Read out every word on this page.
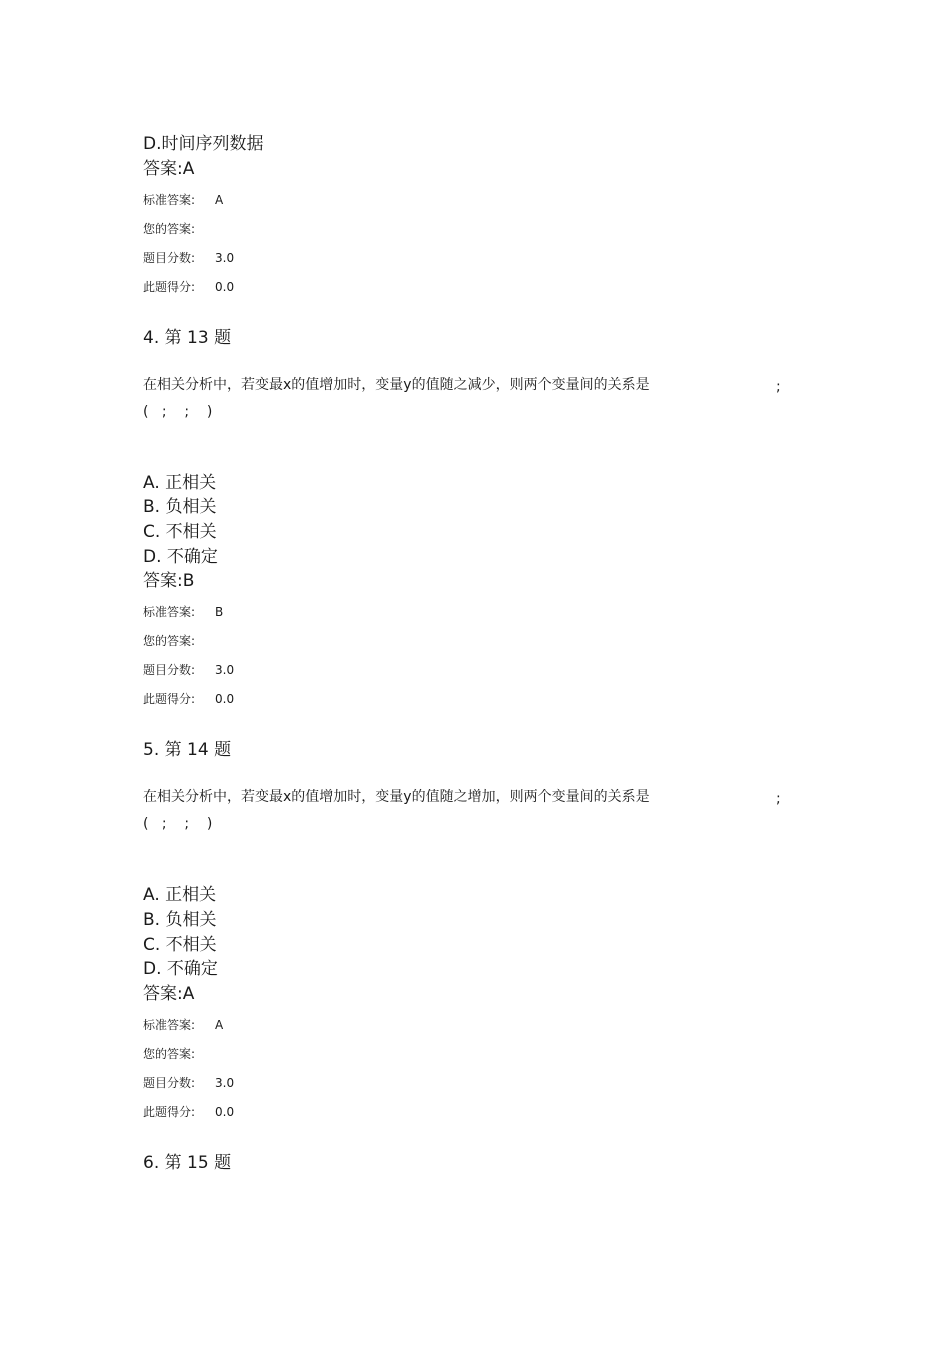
D.时间序列数据
答案:A
标准答案: A
您的答案:
题目分数: 3.0
此题得分: 0.0
4. 第 13 题
在相关分析中，若变最x的值增加时，变量y的值随之减少，则两个变量间的关系是	;
(   ;    ;    )
A. 正相关
B. 负相关
C. 不相关
D. 不确定
答案:B
标准答案: B
您的答案:
题目分数: 3.0
此题得分: 0.0
5. 第 14 题
在相关分析中，若变最x的值增加时，变量y的值随之增加，则两个变量间的关系是	;
(   ;    ;    )
A. 正相关
B. 负相关
C. 不相关
D. 不确定
答案:A
标准答案: A
您的答案:
题目分数: 3.0
此题得分: 0.0
6. 第 15 题
